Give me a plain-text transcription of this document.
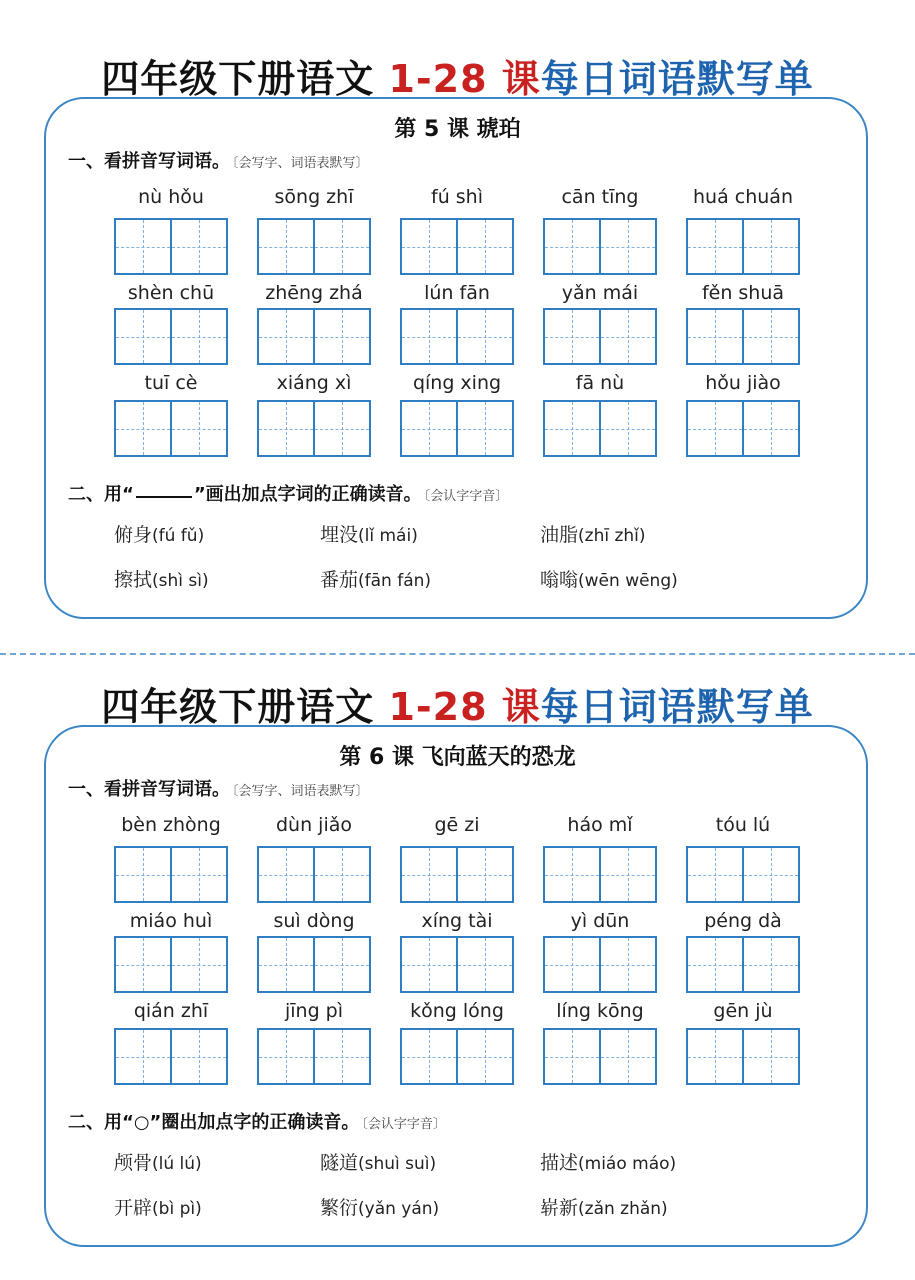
四年级下册语文 1-28 课每日词语默写单
第 5 课 琥珀
一、看拼音写词语。 〔会写字、词语表默写〕
二、用“	”画出加点字词的正确读音。 〔会认字字音〕
nù hǒu	sōng zhī	fú shì	cān tīng	huá chuán
shèn chū	zhēng zhá	lún fān	yǎn mái	fěn shuā
tuī cè	xiáng xì	qíng xing	fā nù	hǒu jiào
俯身(fú fǔ)	埋没(lǐ mái)	油脂(zhī zhǐ)
擦拭(shì sì)	番茄(fān fán)	嗡嗡(wēn wēng)
四年级下册语文 1-28 课每日词语默写单
第 6 课 飞向蓝天的恐龙
一、看拼音写词语。 〔会写字、词语表默写〕
二、用“○”圈出加点字的正确读音。 〔会认字字音〕
bèn zhòng	dùn jiǎo	gē zi	háo mǐ	tóu lú
miáo huì	suì dòng	xíng tài	yì dūn	péng dà
qián zhī	jīng pì	kǒng lóng	líng kōng	gēn jù
颅骨(lú lú)	隧道(shuì suì)	描述(miáo máo)
开辟(bì pì)	繁衍(yǎn yán)	崭新(zǎn zhǎn)
